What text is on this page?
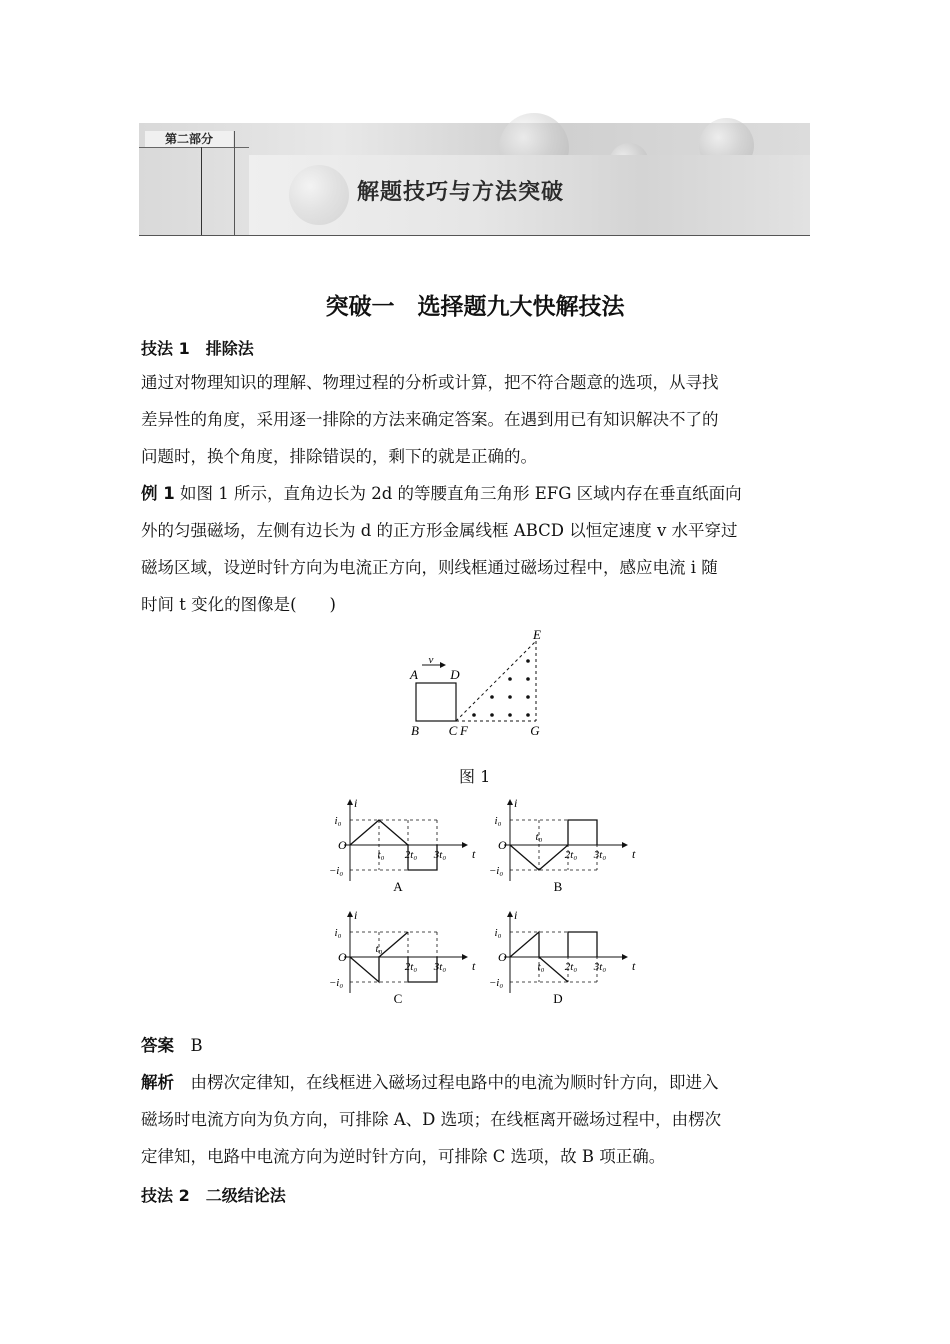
第二部分
解题技巧与方法突破
突破一　选择题九大快解技法
技法 1　排除法
通过对物理知识的理解、物理过程的分析或计算，把不符合题意的选项，从寻找
差异性的角度，采用逐一排除的方法来确定答案。在遇到用已有知识解决不了的
问题时，换个角度，排除错误的，剩下的就是正确的。
例 1 如图 1 所示，直角边长为 2d 的等腰直角三角形 EFG 区域内存在垂直纸面向
外的匀强磁场，左侧有边长为 d 的正方形金属线框 ABCD 以恒定速度 v 水平穿过
磁场区域，设逆时针方向为电流正方向，则线框通过磁场过程中，感应电流 i 随
时间 t 变化的图像是(　　)
v
A D
B C F	G
E
图 1
i
t
O
i₀
−i₀
t₀ 2t₀ 3t₀
A
i
t
O
i₀
−i₀
t₀
2t₀ 3t₀
B
i
t
O
i₀
−i₀
t₀
2t₀ 3t₀
C
i
t
O
i₀
−i₀
t₀ 2t₀ 3t₀
D
答案　 B
解析　由楞次定律知，在线框进入磁场过程电路中的电流为顺时针方向，即进入
磁场时电流方向为负方向，可排除 A、D 选项；在线框离开磁场过程中，由楞次
定律知，电路中电流方向为逆时针方向，可排除 C 选项，故 B 项正确。
技法 2　二级结论法
